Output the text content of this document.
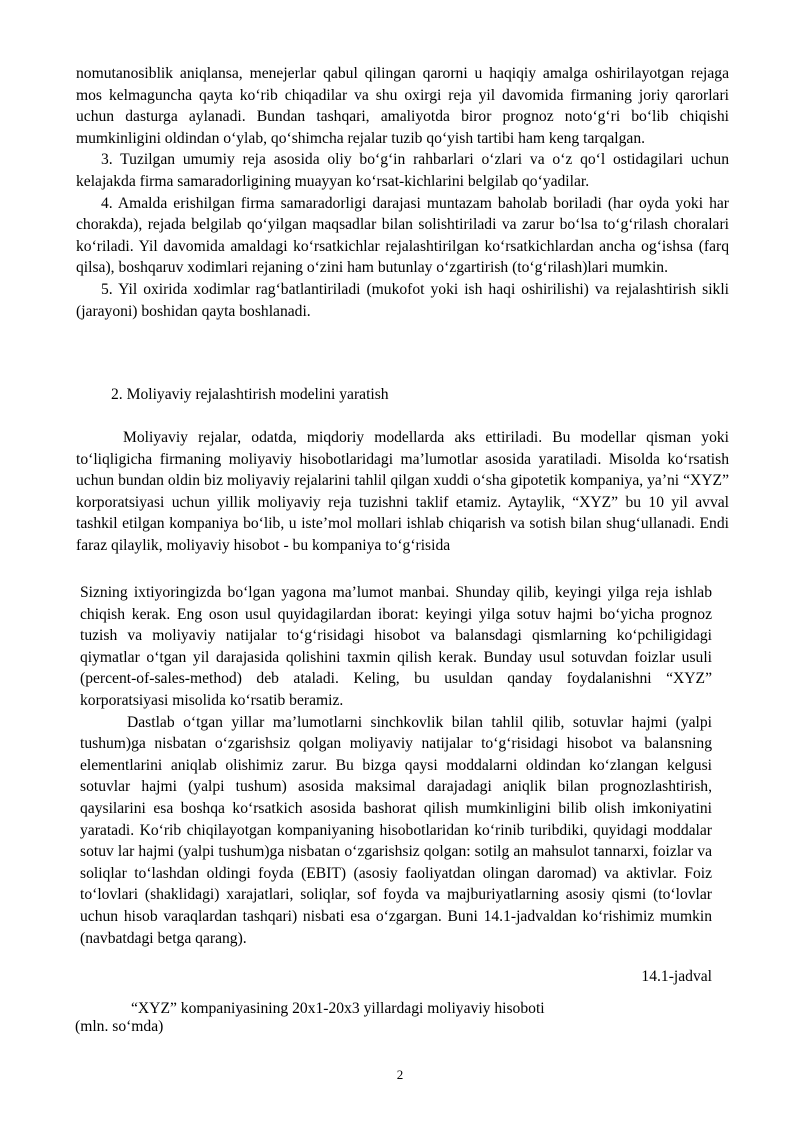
nomutanosiblik aniqlansa, menejerlar qabul qilingan qarorni u haqiqiy amalga oshirilayotgan rejaga mos kelmaguncha qayta koʻrib chiqadilar va shu oxirgi reja yil davomida firmaning joriy qarorlari uchun dasturga aylanadi. Bundan tashqari, amaliyotda biror prognoz notoʻgʻri boʻlib chiqishi mumkinligini oldindan oʻylab, qoʻshimcha rejalar tuzib qoʻyish tartibi ham keng tarqalgan.

3. Tuzilgan umumiy reja asosida oliy boʻgʻin rahbarlari oʻzlari va oʻz qoʻl ostidagilari uchun kelajakda firma samaradorligining muayyan koʻrsat-kichlarini belgilab qoʻyadilar.

4. Amalda erishilgan firma samaradorligi darajasi muntazam baholab boriladi (har oyda yoki har chorakda), rejada belgilab qoʻyilgan maqsadlar bilan solishtiriladi va zarur boʻlsa toʻgʻrilash choralari koʻriladi. Yil davomida amaldagi koʻrsatkichlar rejalashtirilgan koʻrsatkichlardan ancha ogʻishsa (farq qilsa), boshqaruv xodimlari rejaning oʻzini ham butunlay oʻzgartirish (toʻgʻrilash)lari mumkin.

5. Yil oxirida xodimlar ragʻbatlantiriladi (mukofot yoki ish haqi oshirilishi) va rejalashtirish sikli (jarayoni) boshidan qayta boshlanadi.

2. Moliyaviy rejalashtirish modelini yaratish

Moliyaviy rejalar, odatda, miqdoriy modellarda aks ettiriladi. Bu modellar qisman yoki toʻliqligicha firmaning moliyaviy hisobotlaridagi maʼlumotlar asosida yaratiladi. Misolda koʻrsatish uchun bundan oldin biz moliyaviy rejalarini tahlil qilgan xuddi oʻsha gipotetik kompaniya, yaʼni “XYZ” korporatsiyasi uchun yillik moliyaviy reja tuzishni taklif etamiz. Aytaylik, “XYZ” bu 10 yil avval tashkil etilgan kompaniya boʻlib, u isteʼmol mollari ishlab chiqarish va sotish bilan shugʻullanadi. Endi faraz qilaylik, moliyaviy hisobot - bu kompaniya toʻgʻrisida

Sizning ixtiyoringizda boʻlgan yagona maʼlumot manbai. Shunday qilib, keyingi yilga reja ishlab chiqish kerak. Eng oson usul quyidagilardan iborat: keyingi yilga sotuv hajmi boʻyicha prognoz tuzish va moliyaviy natijalar toʻgʻrisidagi hisobot va balansdagi qismlarning koʻpchiligidagi qiymatlar oʻtgan yil darajasida qolishini taxmin qilish kerak. Bunday usul sotuvdan foizlar usuli (percent-of-sales-method) deb ataladi. Keling, bu usuldan qanday foydalanishni “XYZ” korporatsiyasi misolida koʻrsatib beramiz.

Dastlab oʻtgan yillar maʼlumotlarni sinchkovlik bilan tahlil qilib, sotuvlar hajmi (yalpi tushum)ga nisbatan oʻzgarishsiz qolgan moliyaviy natijalar toʻgʻrisidagi hisobot va balansning elementlarini aniqlab olishimiz zarur. Bu bizga qaysi moddalarni oldindan koʻzlangan kelgusi sotuvlar hajmi (yalpi tushum) asosida maksimal darajadagi aniqlik bilan prognozlashtirish, qaysilarini esa boshqa koʻrsatkich asosida bashorat qilish mumkinligini bilib olish imkoniyatini yaratadi. Koʻrib chiqilayotgan kompaniyaning hisobotlaridan koʻrinib turibdiki, quyidagi moddalar sotuv lar hajmi (yalpi tushum)ga nisbatan oʻzgarishsiz qolgan: sotilg an mahsulot tannarxi, foizlar va soliqlar toʻlashdan oldingi foyda (EBIT) (asosiy faoliyatdan olingan daromad) va aktivlar. Foiz toʻlovlari (shaklidagi) xarajatlari, soliqlar, sof foyda va majburiyatlarning asosiy qismi (toʻlovlar uchun hisob varaqlardan tashqari) nisbati esa oʻzgargan. Buni 14.1-jadvaldan koʻrishimiz mumkin (navbatdagi betga qarang).

14.1-jadval
“XYZ” kompaniyasining 20x1-20x3 yillardagi moliyaviy hisoboti
(mln. soʻmda)
2
